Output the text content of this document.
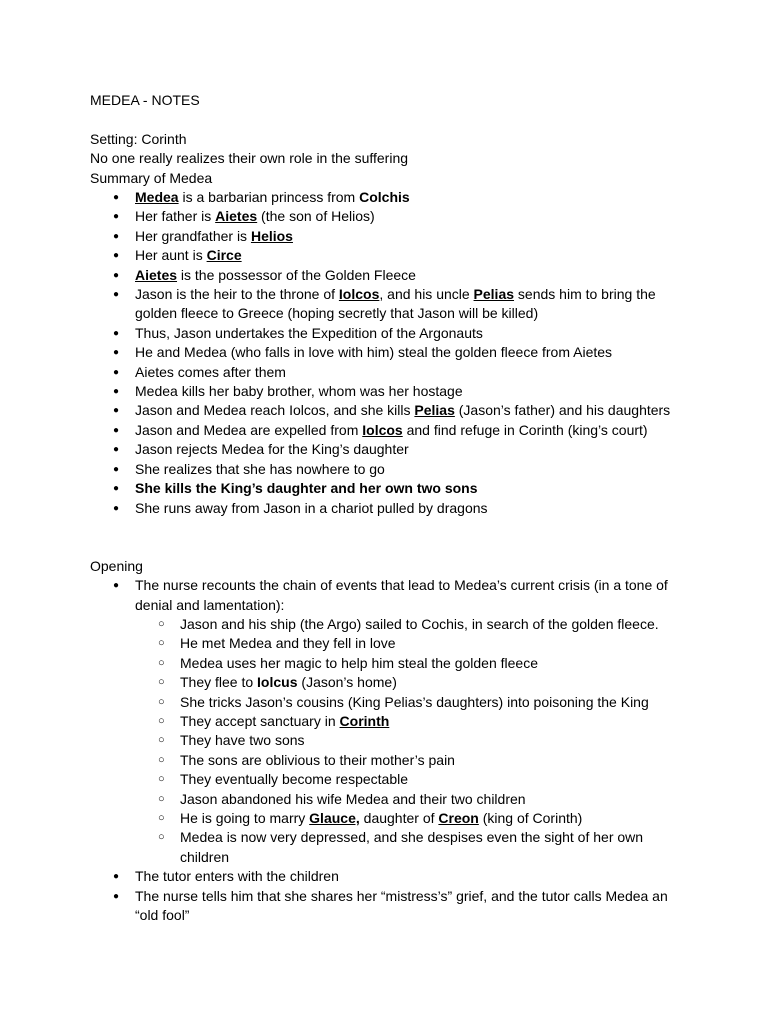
MEDEA - NOTES

Setting: Corinth

No one really realizes their own role in the suffering

Summary of Medea

● Medea is a barbarian princess from Colchis
● Her father is Aietes (the son of Helios)
● Her grandfather is Helios
● Her aunt is Circe
● Aietes is the possessor of the Golden Fleece
● Jason is the heir to the throne of Iolcos, and his uncle Pelias sends him to bring the golden fleece to Greece (hoping secretly that Jason will be killed)
● Thus, Jason undertakes the Expedition of the Argonauts
● He and Medea (who falls in love with him) steal the golden fleece from Aietes
● Aietes comes after them
● Medea kills her baby brother, whom was her hostage
● Jason and Medea reach Iolcos, and she kills Pelias (Jason’s father) and his daughters
● Jason and Medea are expelled from Iolcos and find refuge in Corinth (king’s court)
● Jason rejects Medea for the King’s daughter
● She realizes that she has nowhere to go
● She kills the King’s daughter and her own two sons
● She runs away from Jason in a chariot pulled by dragons

Opening

● The nurse recounts the chain of events that lead to Medea’s current crisis (in a tone of denial and lamentation):
○ Jason and his ship (the Argo) sailed to Cochis, in search of the golden fleece.
○ He met Medea and they fell in love
○ Medea uses her magic to help him steal the golden fleece
○ They flee to Iolcus (Jason’s home)
○ She tricks Jason’s cousins (King Pelias’s daughters) into poisoning the King
○ They accept sanctuary in Corinth
○ They have two sons
○ The sons are oblivious to their mother’s pain
○ They eventually become respectable
○ Jason abandoned his wife Medea and their two children
○ He is going to marry Glauce, daughter of Creon (king of Corinth)
○ Medea is now very depressed, and she despises even the sight of her own children
● The tutor enters with the children
● The nurse tells him that she shares her “mistress’s” grief, and the tutor calls Medea an “old fool”
